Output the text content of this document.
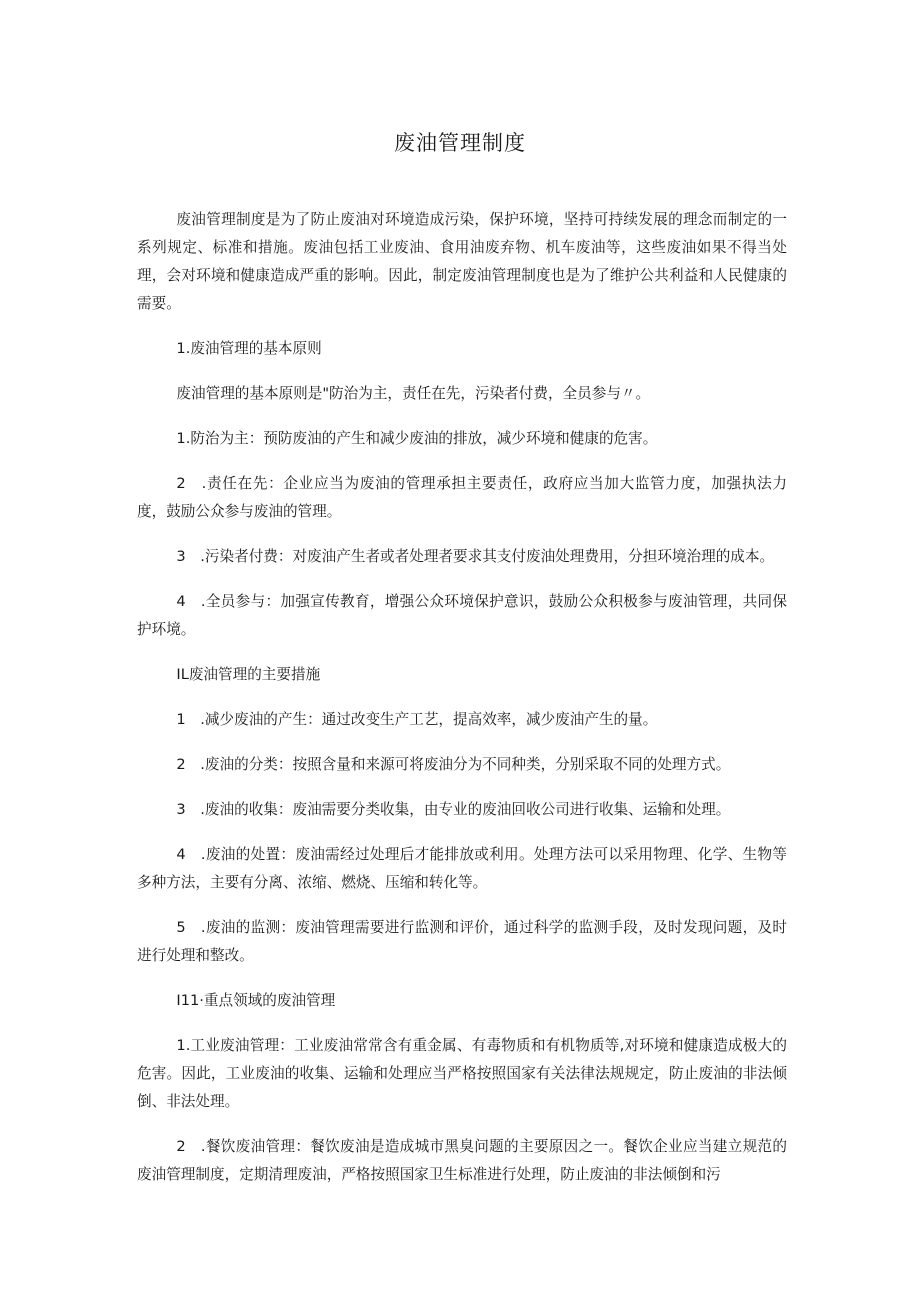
废油管理制度

废油管理制度是为了防止废油对环境造成污染，保护环境，坚持可持续发展的理念而制定的一系列规定、标准和措施。废油包括工业废油、食用油废弃物、机车废油等，这些废油如果不得当处理，会对环境和健康造成严重的影响。因此，制定废油管理制度也是为了维护公共利益和人民健康的需要。

1.废油管理的基本原则

废油管理的基本原则是"防治为主，责任在先，污染者付费，全员参与〃。

1.防治为主：预防废油的产生和减少废油的排放，减少环境和健康的危害。

2　.责任在先：企业应当为废油的管理承担主要责任，政府应当加大监管力度，加强执法力度，鼓励公众参与废油的管理。

3　.污染者付费：对废油产生者或者处理者要求其支付废油处理费用，分担环境治理的成本。

4　.全员参与：加强宣传教育，增强公众环境保护意识，鼓励公众积极参与废油管理，共同保护环境。

IL废油管理的主要措施

1　.减少废油的产生：通过改变生产工艺，提高效率，减少废油产生的量。

2　.废油的分类：按照含量和来源可将废油分为不同种类，分别采取不同的处理方式。

3　.废油的收集：废油需要分类收集，由专业的废油回收公司进行收集、运输和处理。

4　.废油的处置：废油需经过处理后才能排放或利用。处理方法可以采用物理、化学、生物等多种方法，主要有分离、浓缩、燃烧、压缩和转化等。

5　.废油的监测：废油管理需要进行监测和评价，通过科学的监测手段，及时发现问题，及时进行处理和整改。

I11·重点领域的废油管理

1.工业废油管理：工业废油常常含有重金属、有毒物质和有机物质等,对环境和健康造成极大的危害。因此，工业废油的收集、运输和处理应当严格按照国家有关法律法规规定，防止废油的非法倾倒、非法处理。

2　.餐饮废油管理：餐饮废油是造成城市黑臭问题的主要原因之一。餐饮企业应当建立规范的废油管理制度，定期清理废油，严格按照国家卫生标准进行处理，防止废油的非法倾倒和污
